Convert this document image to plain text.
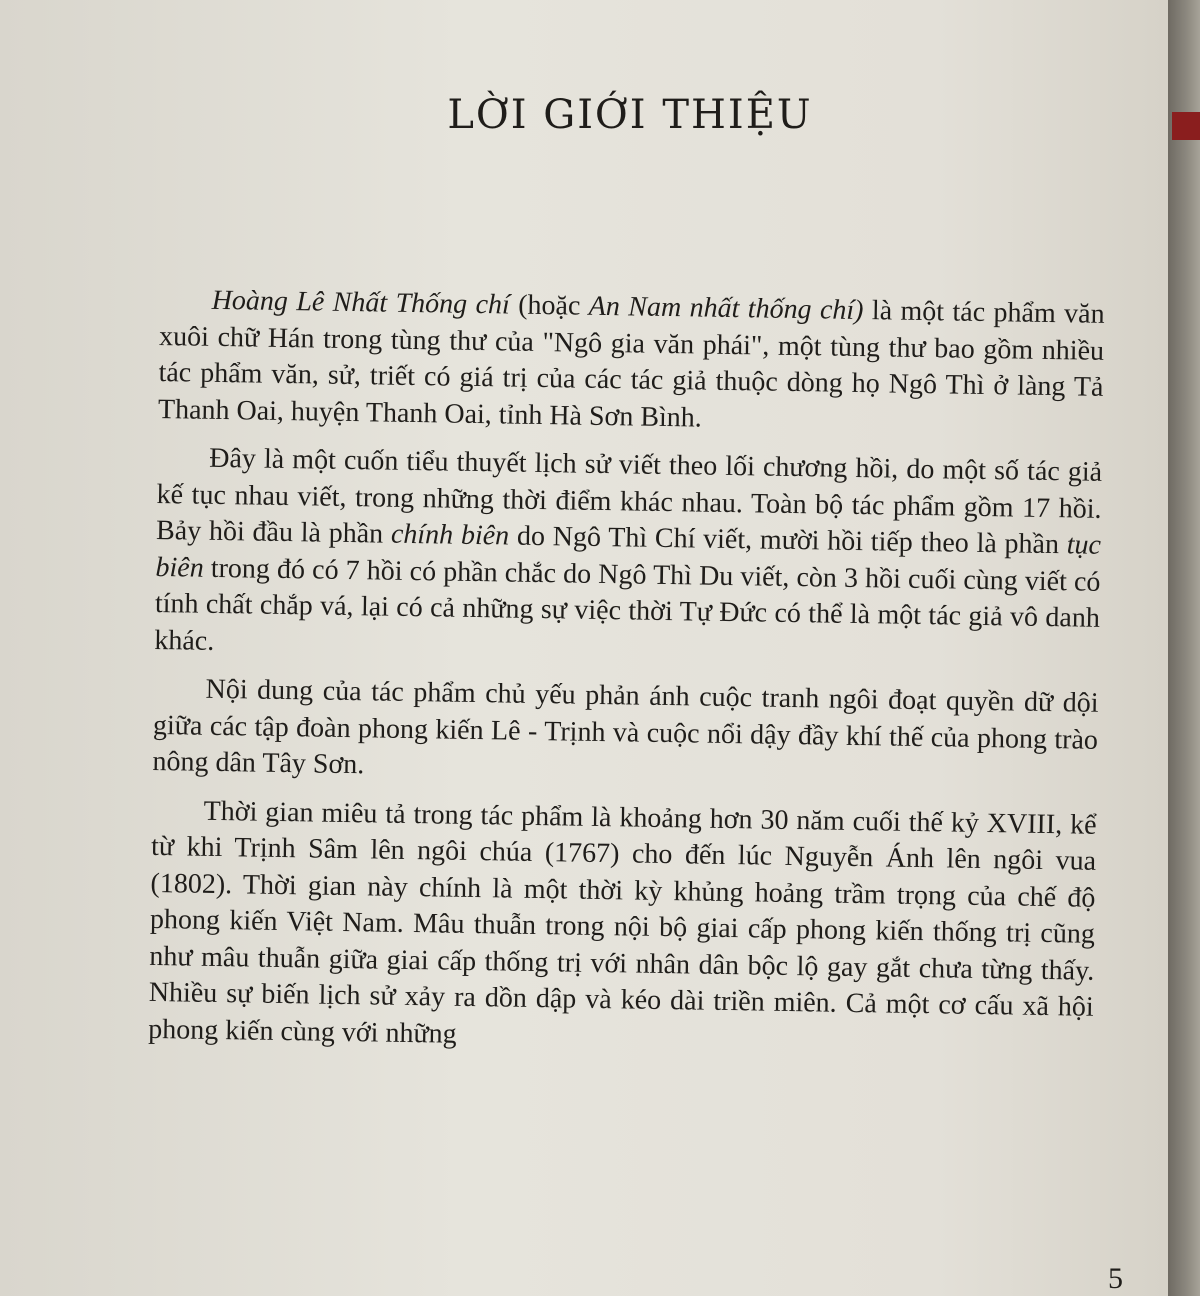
LỜI GIỚI THIỆU

Hoàng Lê Nhất Thống chí (hoặc An Nam nhất thống chí) là một tác phẩm văn xuôi chữ Hán trong tùng thư của "Ngô gia văn phái", một tùng thư bao gồm nhiều tác phẩm văn, sử, triết có giá trị của các tác giả thuộc dòng họ Ngô Thì ở làng Tả Thanh Oai, huyện Thanh Oai, tỉnh Hà Sơn Bình.

Đây là một cuốn tiểu thuyết lịch sử viết theo lối chương hồi, do một số tác giả kế tục nhau viết, trong những thời điểm khác nhau. Toàn bộ tác phẩm gồm 17 hồi. Bảy hồi đầu là phần chính biên do Ngô Thì Chí viết, mười hồi tiếp theo là phần tục biên trong đó có 7 hồi có phần chắc do Ngô Thì Du viết, còn 3 hồi cuối cùng viết có tính chất chắp vá, lại có cả những sự việc thời Tự Đức có thể là một tác giả vô danh khác.

Nội dung của tác phẩm chủ yếu phản ánh cuộc tranh ngôi đoạt quyền dữ dội giữa các tập đoàn phong kiến Lê - Trịnh và cuộc nổi dậy đầy khí thế của phong trào nông dân Tây Sơn.

Thời gian miêu tả trong tác phẩm là khoảng hơn 30 năm cuối thế kỷ XVIII, kể từ khi Trịnh Sâm lên ngôi chúa (1767) cho đến lúc Nguyễn Ánh lên ngôi vua (1802). Thời gian này chính là một thời kỳ khủng hoảng trầm trọng của chế độ phong kiến Việt Nam. Mâu thuẫn trong nội bộ giai cấp phong kiến thống trị cũng như mâu thuẫn giữa giai cấp thống trị với nhân dân bộc lộ gay gắt chưa từng thấy. Nhiều sự biến lịch sử xảy ra dồn dập và kéo dài triền miên. Cả một cơ cấu xã hội phong kiến cùng với những

5
